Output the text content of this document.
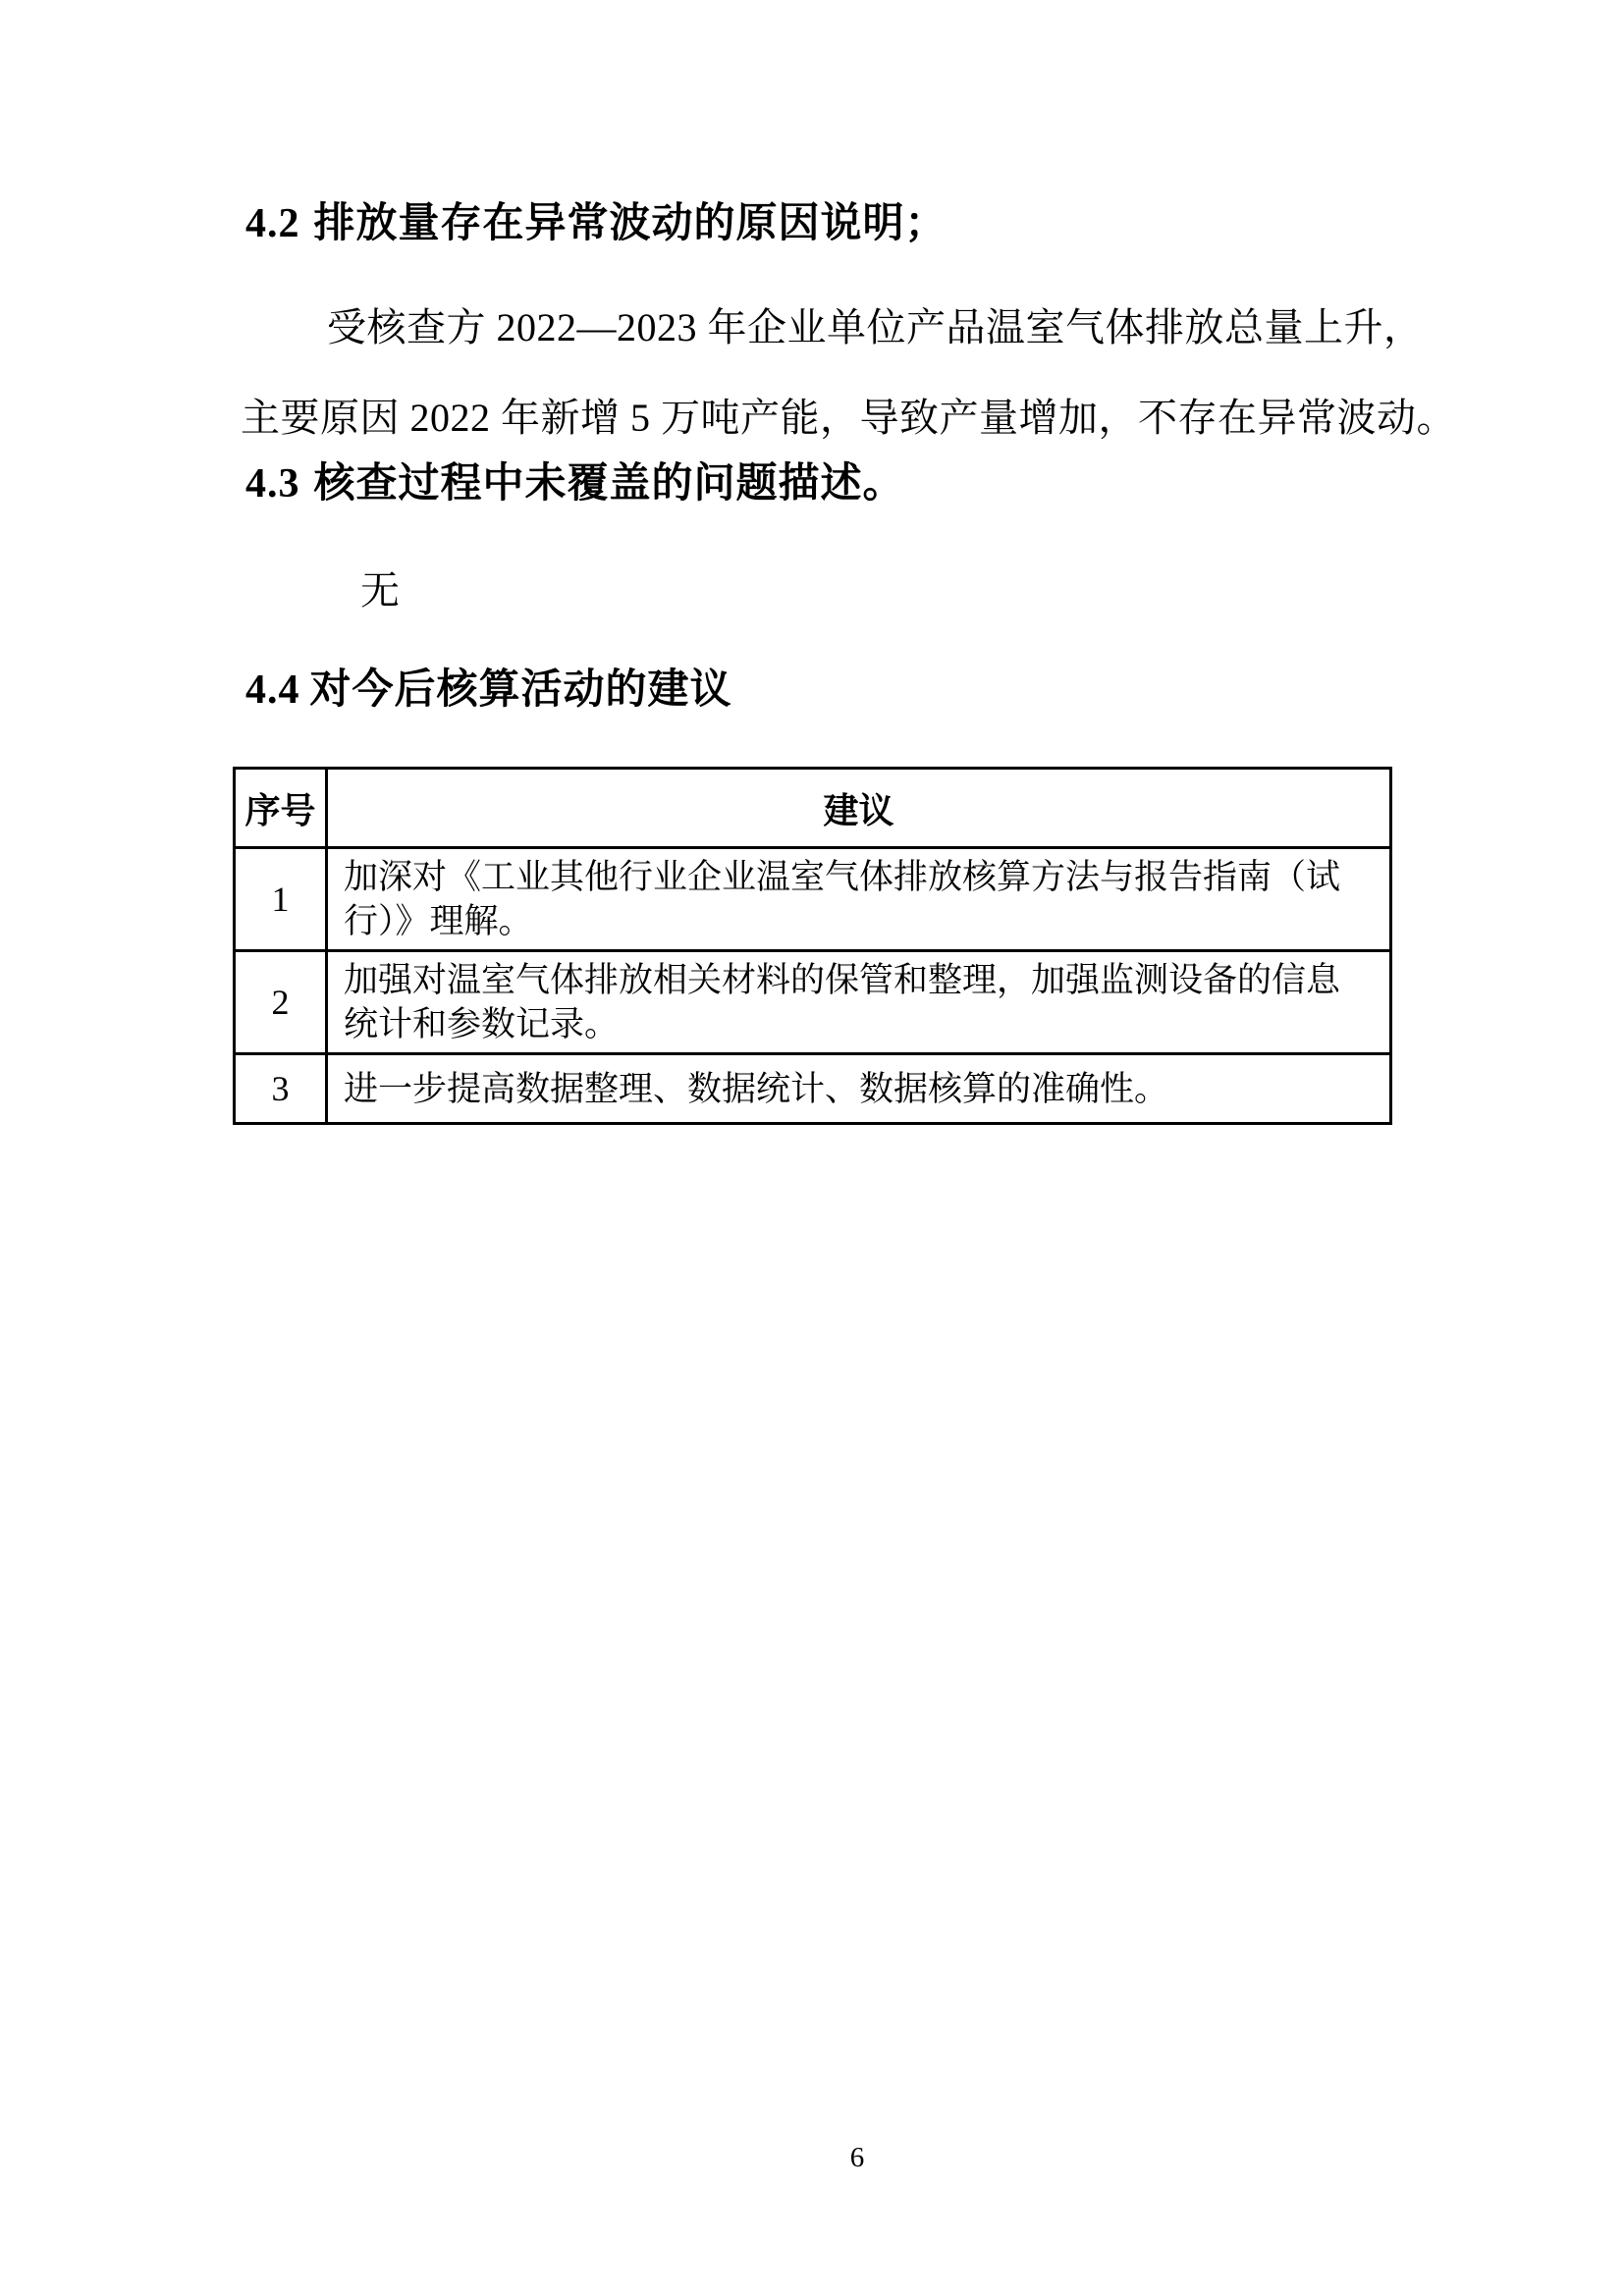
4.2 排放量存在异常波动的原因说明；
受核查方 2022—2023 年企业单位产品温室气体排放总量上升，
主要原因 2022 年新增 5 万吨产能，导致产量增加，不存在异常波动。
4.3 核查过程中未覆盖的问题描述。
无
4.4 对今后核算活动的建议
序号	建议
1	加深对《工业其他行业企业温室气体排放核算方法与报告指南（试行）》理解。
2	加强对温室气体排放相关材料的保管和整理，加强监测设备的信息统计和参数记录。
3	进一步提高数据整理、数据统计、数据核算的准确性。
6
